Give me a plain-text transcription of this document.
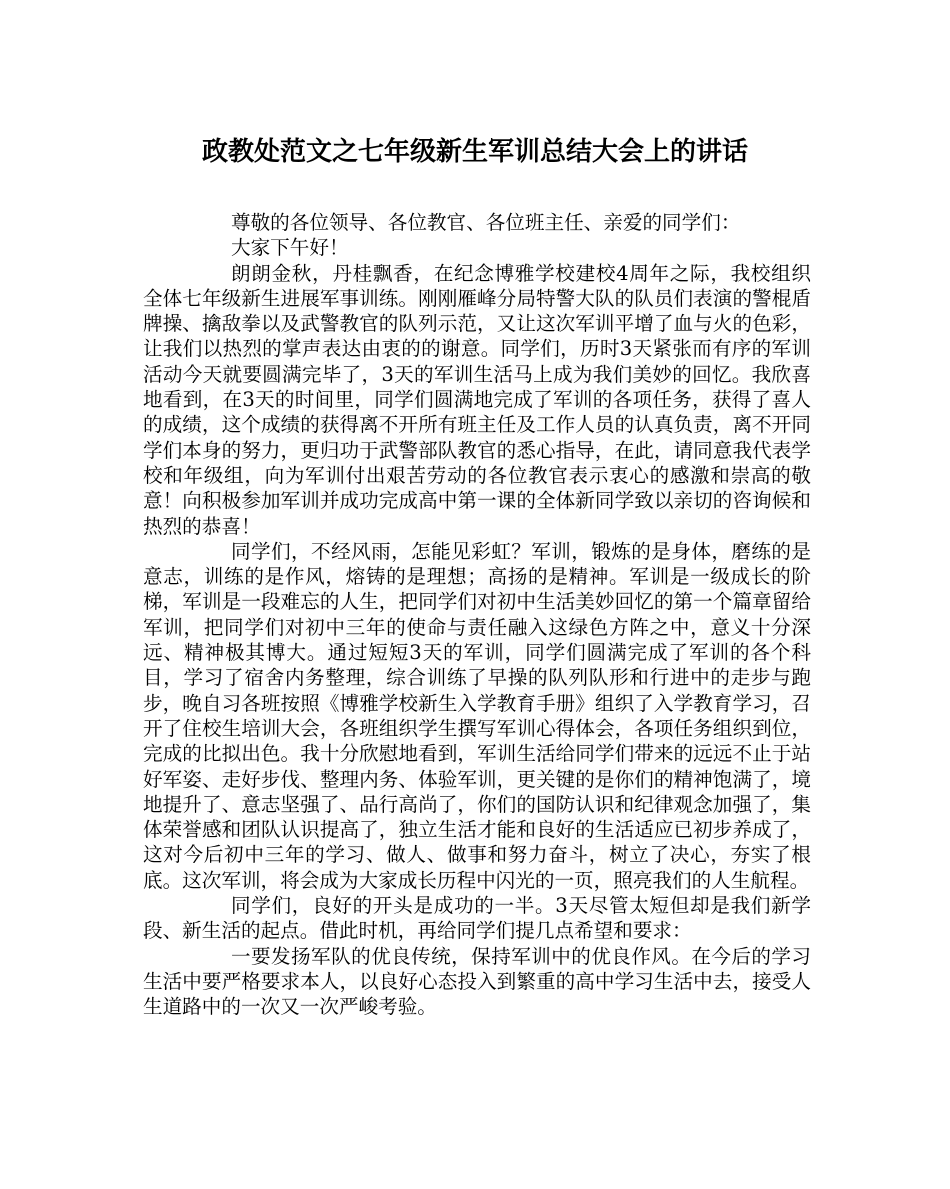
政教处范文之七年级新生军训总结大会上的讲话

尊敬的各位领导、各位教官、各位班主任、亲爱的同学们：

大家下午好！

朗朗金秋，丹桂飘香，在纪念博雅学校建校4周年之际，我校组织全体七年级新生进展军事训练。刚刚雁峰分局特警大队的队员们表演的警棍盾牌操、擒敌拳以及武警教官的队列示范，又让这次军训平增了血与火的色彩，让我们以热烈的掌声表达由衷的的谢意。同学们，历时3天紧张而有序的军训活动今天就要圆满完毕了，3天的军训生活马上成为我们美妙的回忆。我欣喜地看到，在3天的时间里，同学们圆满地完成了军训的各项任务，获得了喜人的成绩，这个成绩的获得离不开所有班主任及工作人员的认真负责，离不开同学们本身的努力，更归功于武警部队教官的悉心指导，在此，请同意我代表学校和年级组，向为军训付出艰苦劳动的各位教官表示衷心的感激和崇高的敬意！向积极参加军训并成功完成高中第一课的全体新同学致以亲切的咨询候和热烈的恭喜！

同学们，不经风雨，怎能见彩虹？军训，锻炼的是身体，磨练的是意志，训练的是作风，熔铸的是理想；高扬的是精神。军训是一级成长的阶梯，军训是一段难忘的人生，把同学们对初中生活美妙回忆的第一个篇章留给军训，把同学们对初中三年的使命与责任融入这绿色方阵之中，意义十分深远、精神极其博大。通过短短3天的军训，同学们圆满完成了军训的各个科目，学习了宿舍内务整理，综合训练了早操的队列队形和行进中的走步与跑步，晚自习各班按照《博雅学校新生入学教育手册》组织了入学教育学习，召开了住校生培训大会，各班组织学生撰写军训心得体会，各项任务组织到位，完成的比拟出色。我十分欣慰地看到，军训生活给同学们带来的远远不止于站好军姿、走好步伐、整理内务、体验军训，更关键的是你们的精神饱满了，境地提升了、意志坚强了、品行高尚了，你们的国防认识和纪律观念加强了，集体荣誉感和团队认识提高了，独立生活才能和良好的生活适应已初步养成了，这对今后初中三年的学习、做人、做事和努力奋斗，树立了决心，夯实了根底。这次军训，将会成为大家成长历程中闪光的一页，照亮我们的人生航程。

同学们，良好的开头是成功的一半。3天尽管太短但却是我们新学段、新生活的起点。借此时机，再给同学们提几点希望和要求：

一要发扬军队的优良传统，保持军训中的优良作风。在今后的学习生活中要严格要求本人，以良好心态投入到繁重的高中学习生活中去，接受人生道路中的一次又一次严峻考验。
